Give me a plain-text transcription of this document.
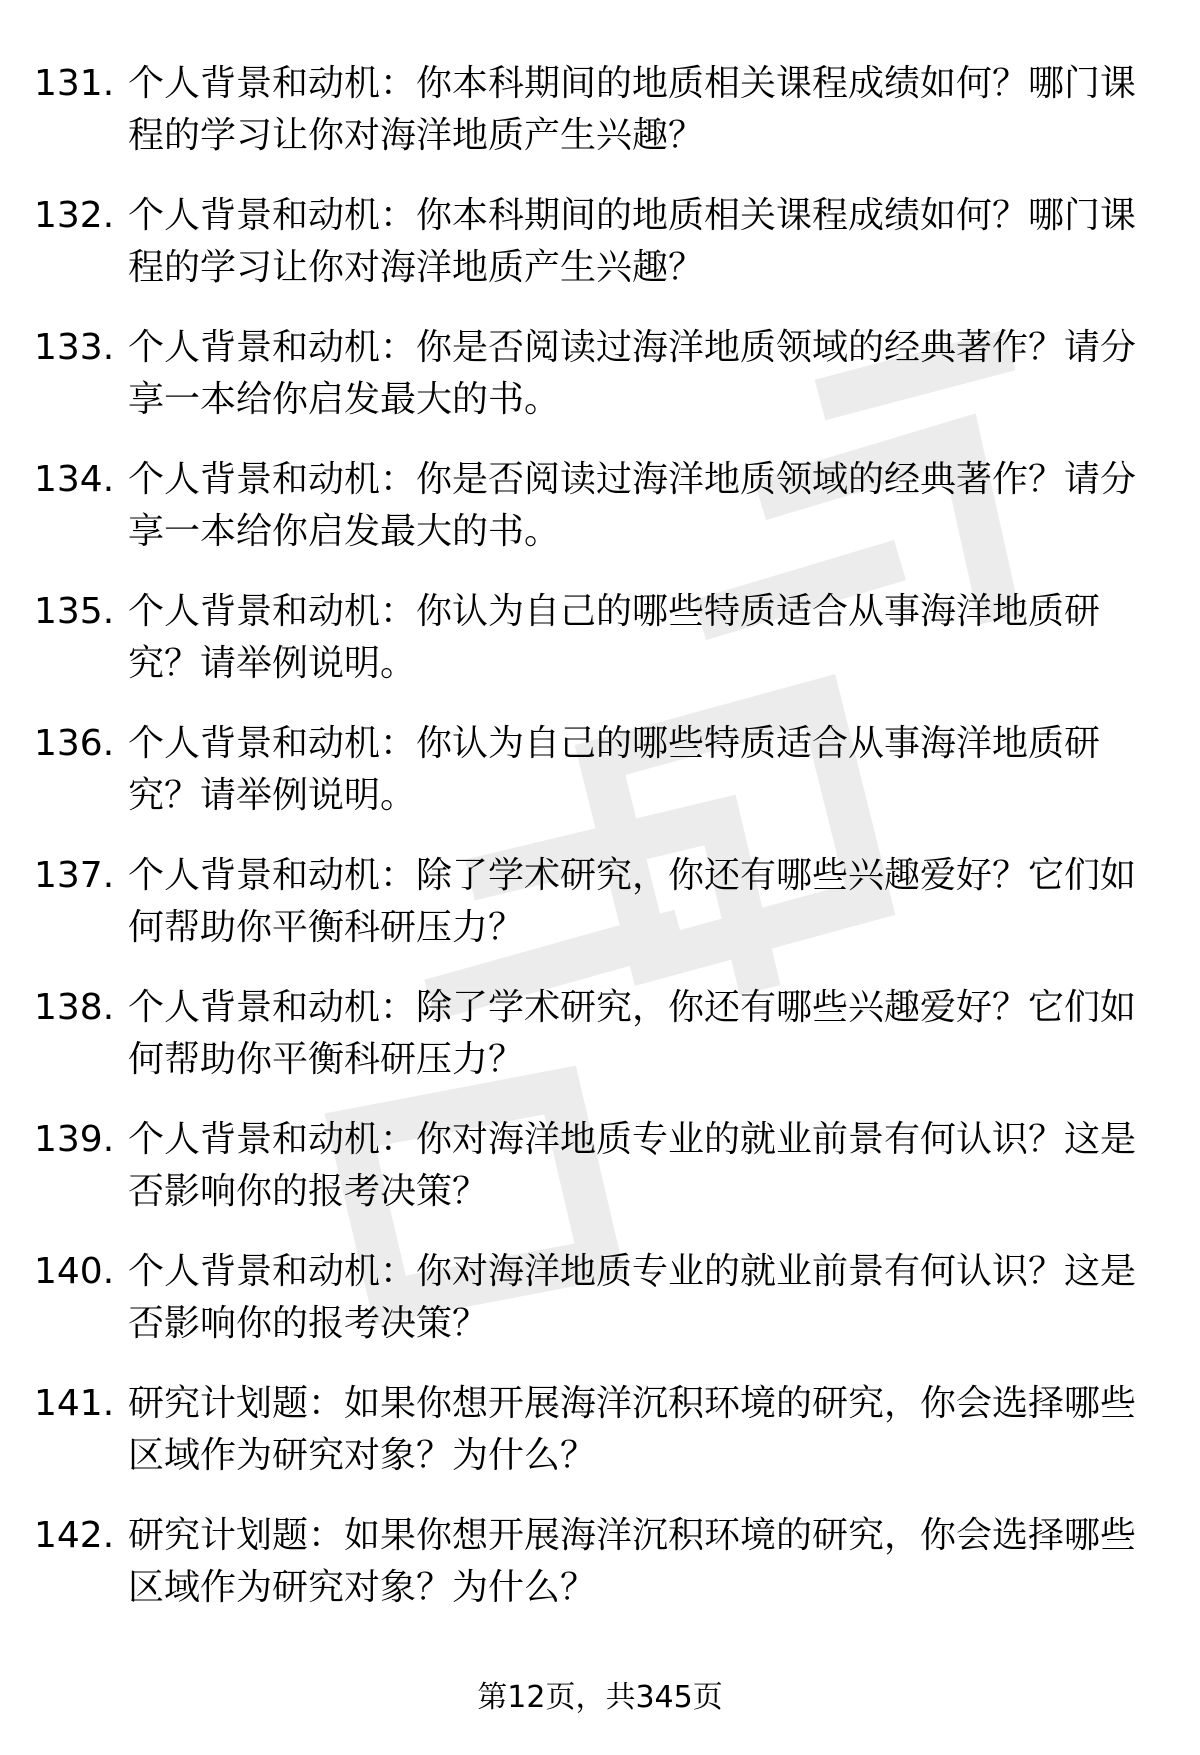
131. 个人背景和动机：你本科期间的地质相关课程成绩如何？哪门课程的学习让你对海洋地质产生兴趣？
132. 个人背景和动机：你本科期间的地质相关课程成绩如何？哪门课程的学习让你对海洋地质产生兴趣？
133. 个人背景和动机：你是否阅读过海洋地质领域的经典著作？请分享一本给你启发最大的书。
134. 个人背景和动机：你是否阅读过海洋地质领域的经典著作？请分享一本给你启发最大的书。
135. 个人背景和动机：你认为自己的哪些特质适合从事海洋地质研究？请举例说明。
136. 个人背景和动机：你认为自己的哪些特质适合从事海洋地质研究？请举例说明。
137. 个人背景和动机：除了学术研究，你还有哪些兴趣爱好？它们如何帮助你平衡科研压力？
138. 个人背景和动机：除了学术研究，你还有哪些兴趣爱好？它们如何帮助你平衡科研压力？
139. 个人背景和动机：你对海洋地质专业的就业前景有何认识？这是否影响你的报考决策？
140. 个人背景和动机：你对海洋地质专业的就业前景有何认识？这是否影响你的报考决策？
141. 研究计划题：如果你想开展海洋沉积环境的研究，你会选择哪些区域作为研究对象？为什么？
142. 研究计划题：如果你想开展海洋沉积环境的研究，你会选择哪些区域作为研究对象？为什么？
第12页，共345页
